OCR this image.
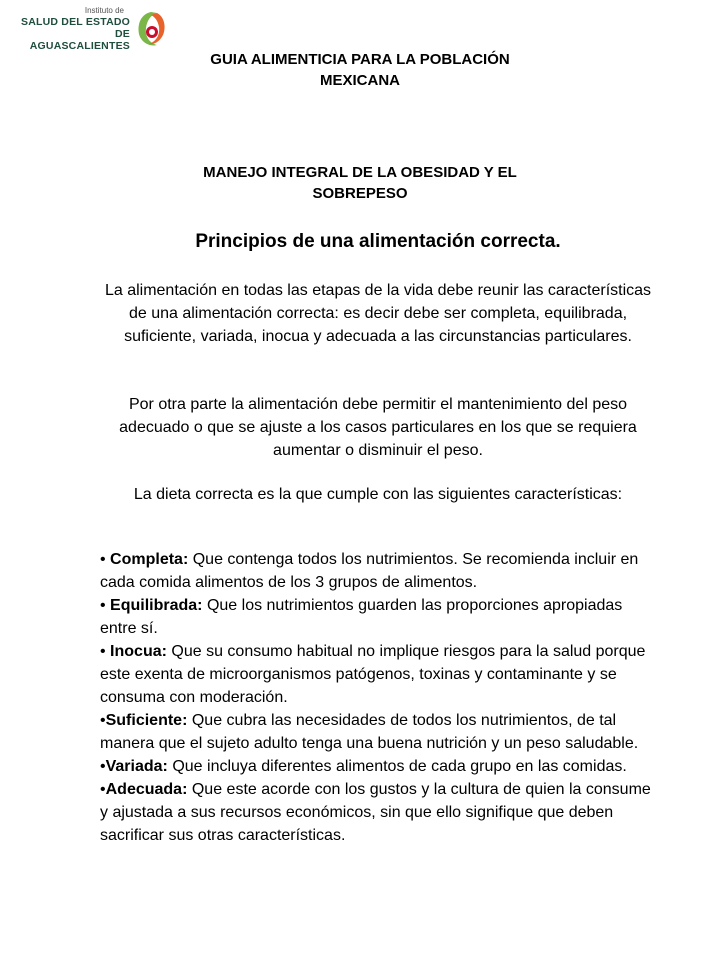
Instituto de
SALUD DEL ESTADO
DE AGUASCALIENTES
GUIA ALIMENTICIA PARA LA POBLACIÓN
MEXICANA
MANEJO INTEGRAL DE LA OBESIDAD Y EL
SOBREPESO
Principios de una alimentación correcta.
La alimentación en todas las etapas de la vida debe reunir las características de una alimentación correcta: es decir debe ser completa, equilibrada, suficiente, variada, inocua y adecuada a las circunstancias particulares.
Por otra parte la alimentación debe permitir el mantenimiento del peso adecuado o que se ajuste a los casos particulares en los que se requiera aumentar o disminuir el peso.
La dieta correcta es la que cumple con las siguientes características:
• Completa: Que contenga todos los nutrimientos. Se recomienda incluir en cada comida alimentos de los 3 grupos de alimentos.
• Equilibrada: Que los nutrimientos guarden las proporciones apropiadas entre sí.
• Inocua: Que su consumo habitual no implique riesgos para la salud porque este exenta de microorganismos patógenos, toxinas y contaminante y se consuma con moderación.
•Suficiente: Que cubra las necesidades de todos los nutrimientos, de tal manera que el sujeto adulto tenga una buena nutrición y un peso saludable.
•Variada: Que incluya diferentes alimentos de cada grupo en las comidas.
•Adecuada: Que este acorde con los gustos y la cultura de quien la consume y ajustada a sus recursos económicos, sin que ello signifique que deben sacrificar sus otras características.
